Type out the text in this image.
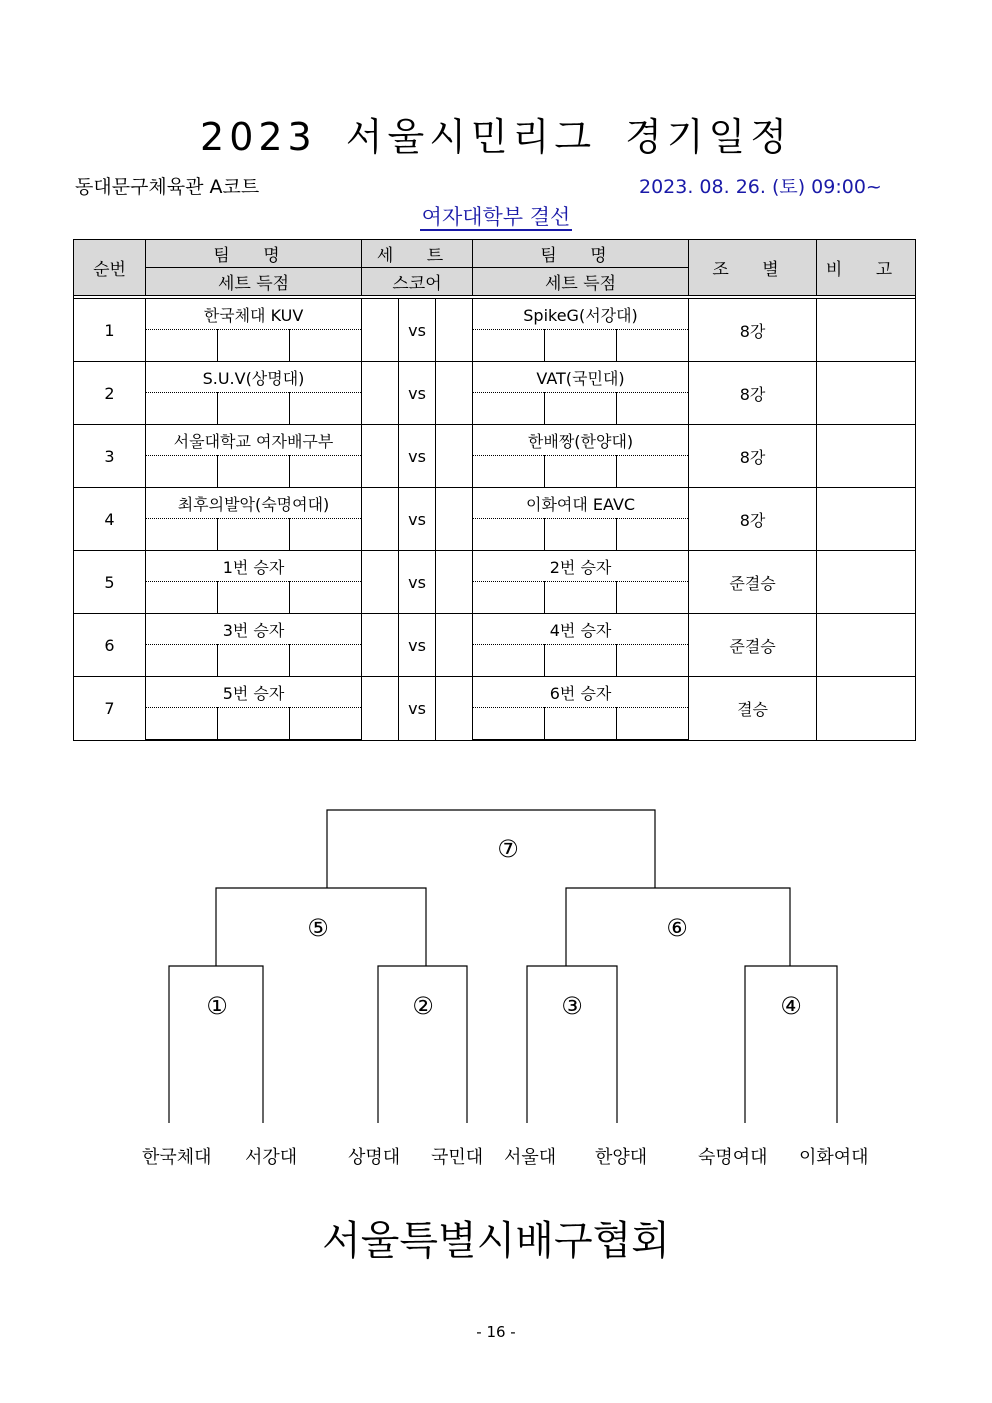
2023 서울시민리그 경기일정
동대문구체육관 A코트	2023. 08. 26. (토) 09:00~
여자대학부 결선
순번	팀 명			세 트			팀 명			조 별	비 고
	세트 득점			스코어			세트 득점				

1	한국체대 KUV				vs		SpikeG(서강대)			8강	

2	S.U.V(상명대)				vs		VAT(국민대)			8강	

3	서울대학교 여자배구부				vs		한배짱(한양대)			8강	

4	최후의발악(숙명여대)				vs		이화여대 EAVC			8강	

5	1번 승자				vs		2번 승자			준결승	

6	3번 승자				vs		4번 승자			준결승	

7	5번 승자				vs		6번 승자			결승	

①	②	③	④
⑤	⑥
⑦
한국체대 서강대	상명대 국민대 서울대 한양대	숙명여대 이화여대
서울특별시배구협회
- 16 -
